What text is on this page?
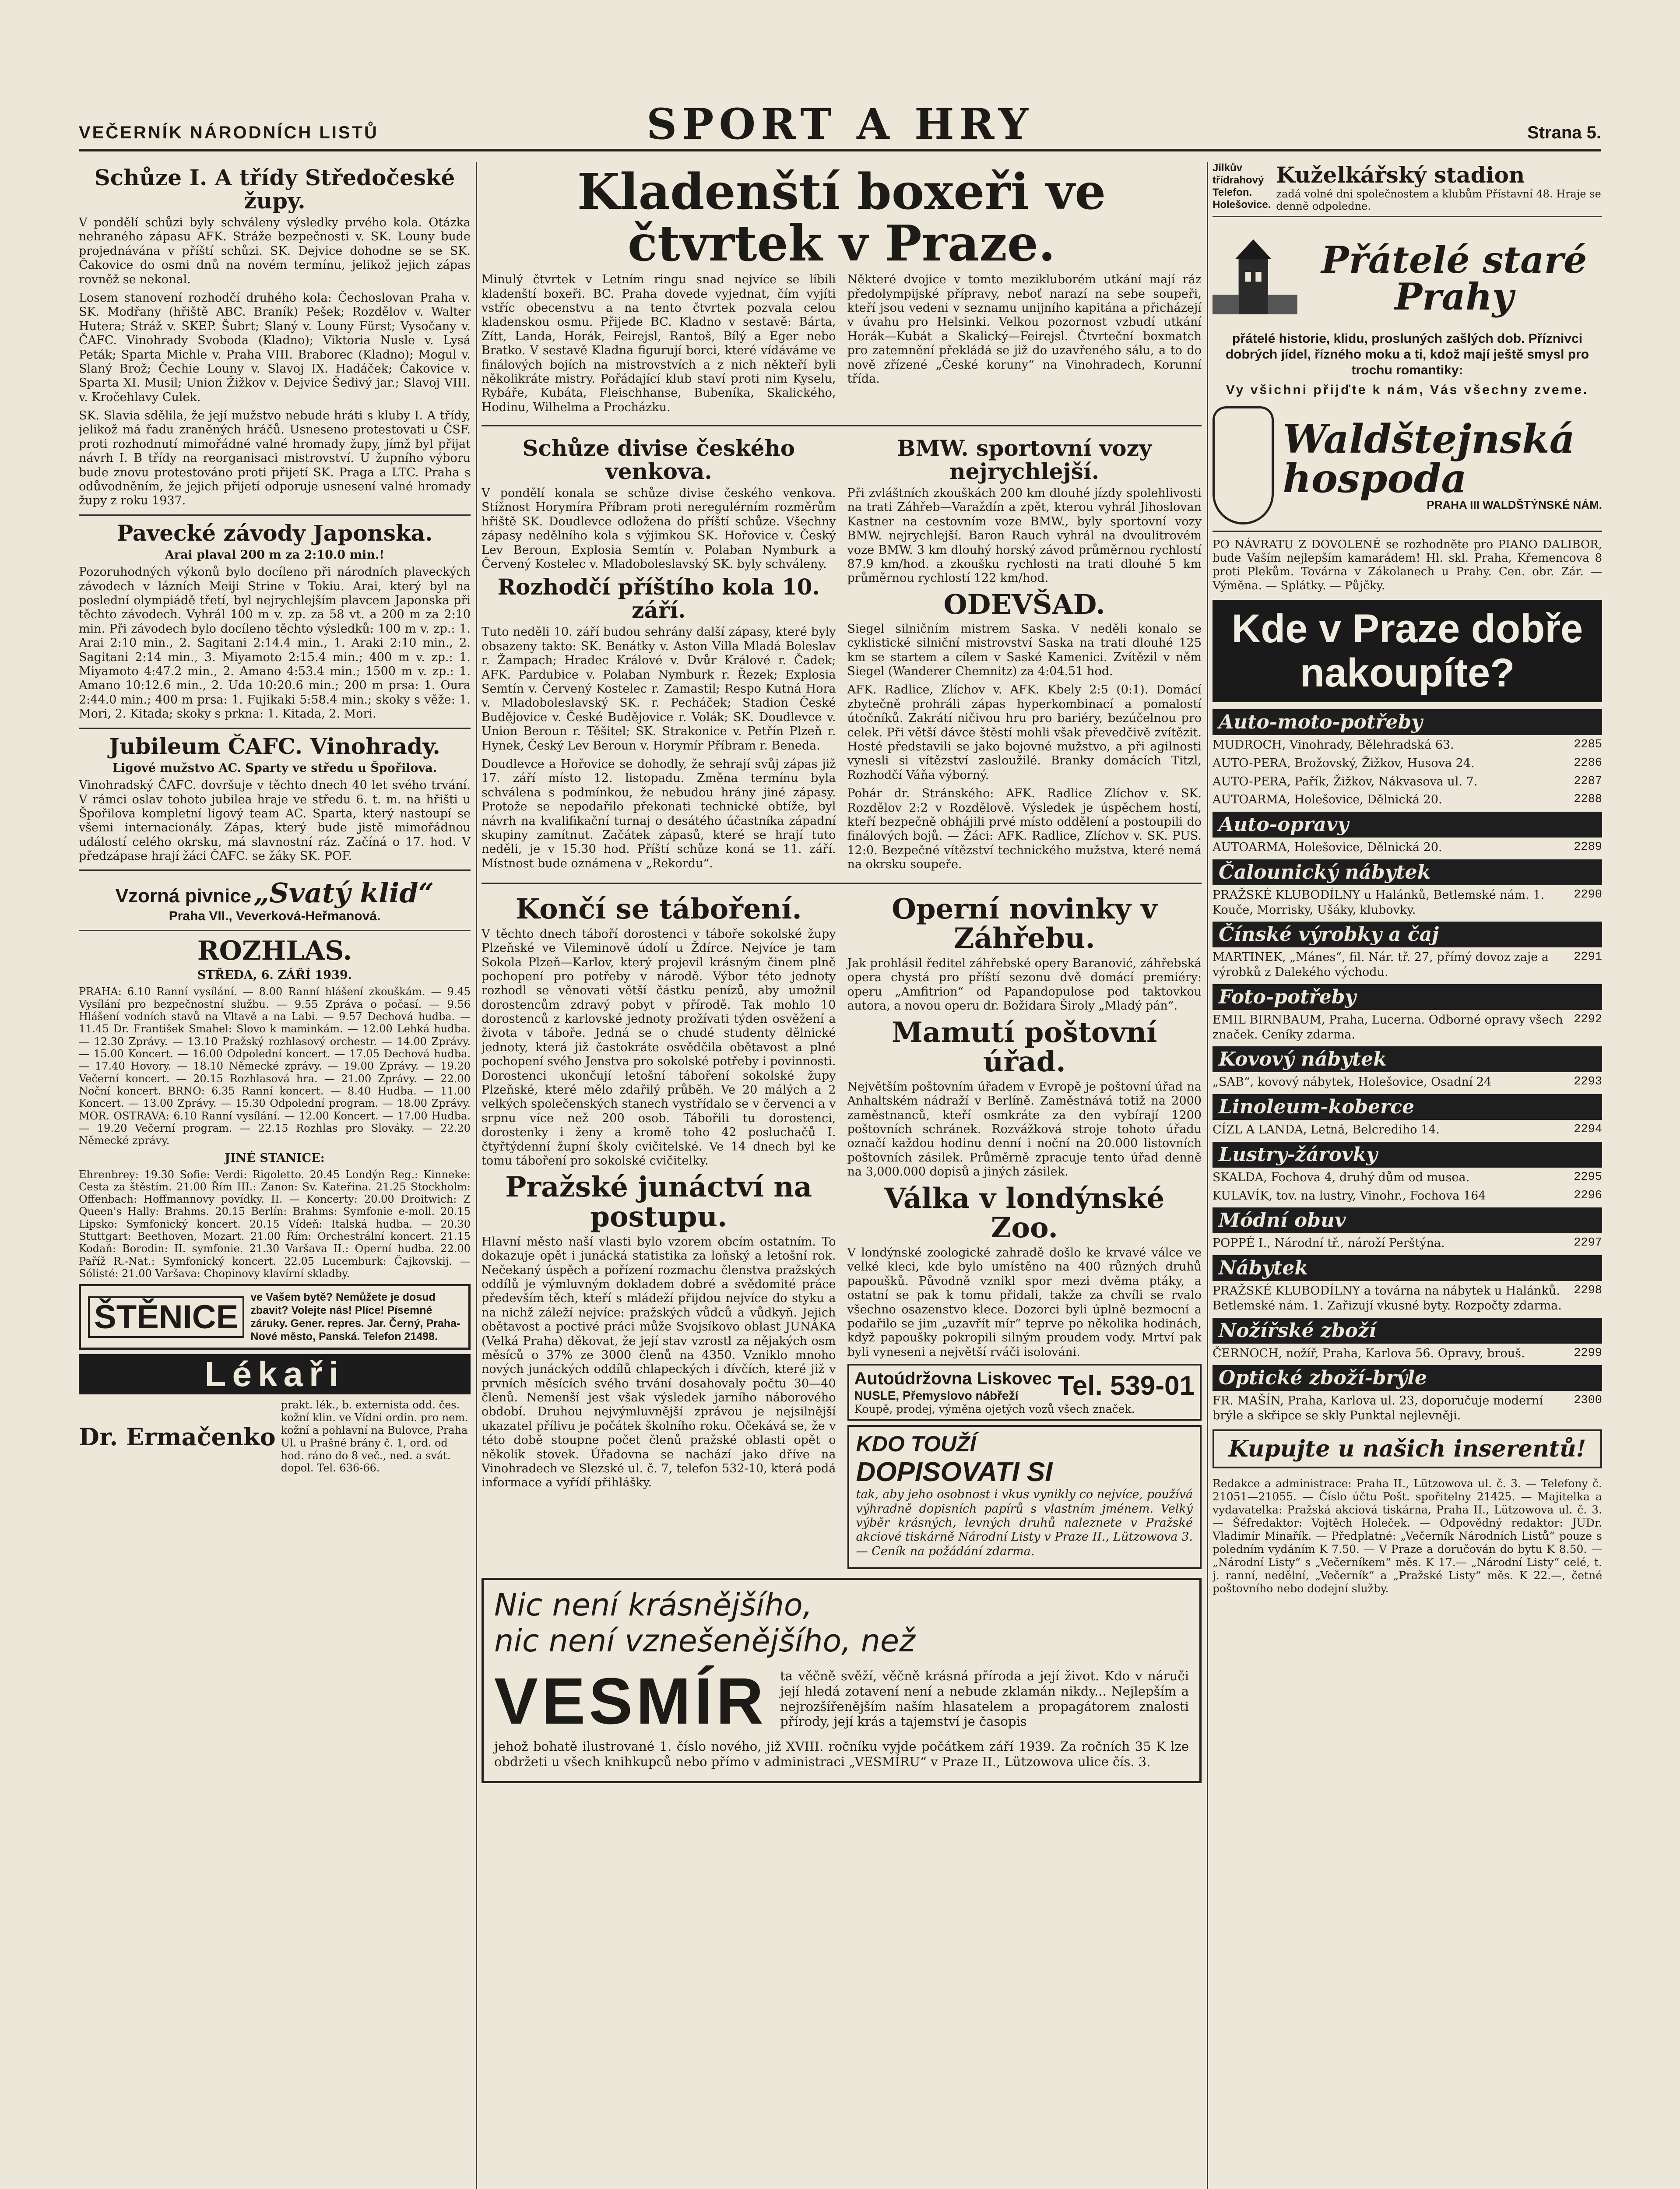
VEČERNÍK NÁRODNÍCH LISTŮ	SPORT A HRY	Strana 5.
Schůze I. A třídy Středočeské župy.

V pondělí schůzi byly schváleny výsledky prvého kola. Otázka nehraného zápasu AFK. Stráže bezpečnosti v. SK. Louny bude projednávána v příští schůzi. SK. Dejvice dohodne se se SK. Čakovice do osmi dnů na novém termínu, jelikož jejich zápas rovněž se nekonal.

Losem stanovení rozhodčí druhého kola: Čechoslovan Praha v. SK. Modřany (hřiště ABC. Braník) Pešek; Rozdělov v. Walter Hutera; Stráž v. SKEP. Šubrt; Slaný v. Louny Fürst; Vysočany v. ČAFC. Vinohrady Svoboda (Kladno); Viktoria Nusle v. Lysá Peták; Sparta Michle v. Praha VIII. Braborec (Kladno); Mogul v. Slaný Brož; Čechie Louny v. Slavoj IX. Hadáček; Čakovice v. Sparta XI. Musil; Union Žižkov v. Dejvice Šedivý jar.; Slavoj VIII. v. Kročehlavy Culek.

SK. Slavia sdělila, že její mužstvo nebude hráti s kluby I. A třídy, jelikož má řadu zraněných hráčů. Usneseno protestovati u ČSF. proti rozhodnutí mimořádné valné hromady župy, jímž byl přijat návrh I. B třídy na reorganisaci mistrovství. U župního výboru bude znovu protestováno proti přijetí SK. Praga a LTC. Praha s odůvodněním, že jejich přijetí odporuje usnesení valné hromady župy z roku 1937.

Pavecké závody Japonska.
Arai plaval 200 m za 2:10.0 min.!

Pozoruhodných výkonů bylo docíleno při národních plaveckých závodech v lázních Meiji Strine v Tokiu. Arai, který byl na poslední olympiádě třetí, byl nejrychlejším plavcem Japonska při těchto závodech. Vyhrál 100 m v. zp. za 58 vt. a 200 m za 2:10 min. Při závodech bylo docíleno těchto výsledků: 100 m v. zp.: 1. Arai 2:10 min., 2. Sagitani 2:14.4 min., 1. Araki 2:10 min., 2. Sagitani 2:14 min., 3. Miyamoto 2:15.4 min.; 400 m v. zp.: 1. Miyamoto 4:47.2 min., 2. Amano 4:53.4 min.; 1500 m v. zp.: 1. Amano 10:12.6 min., 2. Uda 10:20.6 min.; 200 m prsa: 1. Oura 2:44.0 min.; 400 m prsa: 1. Fujikaki 5:58.4 min.; skoky s věže: 1. Mori, 2. Kitada; skoky s prkna: 1. Kitada, 2. Mori.

Jubileum ČAFC. Vinohrady.
Ligové mužstvo AC. Sparty ve středu u Špořilova.

Vinohradský ČAFC. dovršuje v těchto dnech 40 let svého trvání. V rámci oslav tohoto jubilea hraje ve středu 6. t. m. na hřišti u Špořilova kompletní ligový team AC. Sparta, který nastoupí se všemi internacionály. Zápas, který bude jistě mimořádnou událostí celého okrsku, má slavnostní ráz. Začíná o 17. hod. V předzápase hrají žáci ČAFC. se žáky SK. POF.

Vzorná pivnice „Svatý klid“
Praha VII., Veverková-Heřmanová.
ROZHLAS.
STŘEDA, 6. ZÁŘÍ 1939.

PRAHA: 6.10 Ranní vysílání. — 8.00 Ranní hlášení zkouškám. — 9.45 Vysílání pro bezpečnostní službu. — 9.55 Zpráva o počasí. — 9.56 Hlášení vodních stavů na Vltavě a na Labi. — 9.57 Dechová hudba. — 11.45 Dr. František Smahel: Slovo k maminkám. — 12.00 Lehká hudba. — 12.30 Zprávy. — 13.10 Pražský rozhlasový orchestr. — 14.00 Zprávy. — 15.00 Koncert. — 16.00 Odpolední koncert. — 17.05 Dechová hudba. — 17.40 Hovory. — 18.10 Německé zprávy. — 19.00 Zprávy. — 19.20 Večerní koncert. — 20.15 Rozhlasová hra. — 21.00 Zprávy. — 22.00 Noční koncert. BRNO: 6.35 Ranní koncert. — 8.40 Hudba. — 11.00 Koncert. — 13.00 Zprávy. — 15.30 Odpolední program. — 18.00 Zprávy. MOR. OSTRAVA: 6.10 Ranní vysílání. — 12.00 Koncert. — 17.00 Hudba. — 19.20 Večerní program. — 22.15 Rozhlas pro Slováky. — 22.20 Německé zprávy.

JINÉ STANICE:

Ehrenbrey: 19.30 Sofie: Verdi: Rigoletto. 20.45 Londýn Reg.: Kinneke: Cesta za štěstím. 21.00 Řím III.: Zanon: Sv. Kateřina. 21.25 Stockholm: Offenbach: Hoffmannovy povídky. II. — Koncerty: 20.00 Droitwich: Z Queen's Hally: Brahms. 20.15 Berlín: Brahms: Symfonie e-moll. 20.15 Lipsko: Symfonický koncert. 20.15 Vídeň: Italská hudba. — 20.30 Stuttgart: Beethoven, Mozart. 21.00 Řím: Orchestrální koncert. 21.15 Kodaň: Borodin: II. symfonie. 21.30 Varšava II.: Operní hudba. 22.00 Paříž R.-Nat.: Symfonický koncert. 22.05 Lucemburk: Čajkovskij. — Sólisté: 21.00 Varšava: Chopinovy klavírní skladby.

ŠTĚNICE
ve Vašem bytě? Nemůžete je dosud zbavit? Volejte nás! Plíce! Písemné záruky. Gener. repres. Jar. Černý, Praha-Nové město, Panská. Telefon 21498.
Lékaři
Dr. Ermačenko
prakt. lék., b. externista odd. čes. kožní klin. ve Vídni ordin. pro nem. kožní a pohlavní na Bulovce, Praha Ul. u Prašné brány č. 1, ord. od hod. ráno do 8 več., ned. a svát. dopol. Tel. 636-66.
Kladenští boxeři ve čtvrtek v Praze.

Minulý čtvrtek v Letním ringu snad nejvíce se líbili kladenští boxeři. BC. Praha dovede vyjednat, čím vyjíti vstříc obecenstvu a na tento čtvrtek pozvala celou kladenskou osmu. Přijede BC. Kladno v sestavě: Bárta, Zítt, Landa, Horák, Feirejsl, Rantoš, Bílý a Eger nebo Bratko. V sestavě Kladna figurují borci, které vídáváme ve finálových bojích na mistrovstvích a z nich někteří byli několikráte mistry. Pořádající klub staví proti nim Kyselu, Rybáře, Kubáta, Fleischhanse, Bubeníka, Skalického, Hodinu, Wilhelma a Procházku.

Některé dvojice v tomto mezikluborém utkání mají ráz předolympijské přípravy, neboť narazí na sebe soupeři, kteří jsou vedeni v seznamu unijního kapitána a přicházejí v úvahu pro Helsinki. Velkou pozornost vzbudí utkání Horák—Kubát a Skalický—Feirejsl. Čtvrteční boxmatch pro zatemnění překládá se již do uzavřeného sálu, a to do nově zřízené „České koruny“ na Vinohradech, Korunní třída.

Schůze divise českého venkova.

V pondělí konala se schůze divise českého venkova. Stížnost Horymíra Příbram proti neregulérním rozměrům hřiště SK. Doudlevce odložena do příští schůze. Všechny zápasy nedělního kola s výjimkou SK. Hořovice v. Český Lev Beroun, Explosia Semtín v. Polaban Nymburk a Červený Kostelec v. Mladoboleslavský SK. byly schváleny.

Rozhodčí příštího kola 10. září.

Tuto neděli 10. září budou sehrány další zápasy, které byly obsazeny takto: SK. Benátky v. Aston Villa Mladá Boleslav r. Žampach; Hradec Králové v. Dvůr Králové r. Čadek; AFK. Pardubice v. Polaban Nymburk r. Řezek; Explosia Semtín v. Červený Kostelec r. Zamastil; Respo Kutná Hora v. Mladoboleslavský SK. r. Pecháček; Stadion České Budějovice v. České Budějovice r. Volák; SK. Doudlevce v. Union Beroun r. Těšitel; SK. Strakonice v. Petřín Plzeň r. Hynek, Český Lev Beroun v. Horymír Příbram r. Beneda.

Doudlevce a Hořovice se dohodly, že sehrají svůj zápas již 17. září místo 12. listopadu. Změna termínu byla schválena s podmínkou, že nebudou hrány jiné zápasy. Protože se nepodařilo překonati technické obtíže, byl návrh na kvalifikační turnaj o desátého účastníka západní skupiny zamítnut. Začátek zápasů, které se hrají tuto neděli, je v 15.30 hod. Příští schůze koná se 11. září. Místnost bude oznámena v „Rekordu“.

BMW. sportovní vozy nejrychlejší.

Při zvláštních zkouškách 200 km dlouhé jízdy spolehlivosti na trati Záhřeb—Varaždín a zpět, kterou vyhrál Jihoslovan Kastner na cestovním voze BMW., byly sportovní vozy BMW. nejrychlejší. Baron Rauch vyhrál na dvoulitrovém voze BMW. 3 km dlouhý horský závod průměrnou rychlostí 87.9 km/hod. a zkoušku rychlosti na trati dlouhé 5 km průměrnou rychlostí 122 km/hod.

ODEVŠAD.

Siegel silničním mistrem Saska. V neděli konalo se cyklistické silniční mistrovství Saska na trati dlouhé 125 km se startem a cílem v Saské Kamenici. Zvítězil v něm Siegel (Wanderer Chemnitz) za 4:04.51 hod.

AFK. Radlice, Zlíchov v. AFK. Kbely 2:5 (0:1). Domácí zbytečně prohráli zápas hyperkombinací a pomalostí útočníků. Zakrátí ničivou hru pro bariéry, bezúčelnou pro celek. Při větší dávce štěstí mohli však převedčivě zvítězit. Hosté představili se jako bojovné mužstvo, a při agilnosti vynesli si vítězství zasloužilé. Branky domácích Titzl, Rozhodčí Váňa výborný.

Pohár dr. Stránského: AFK. Radlice Zlíchov v. SK. Rozdělov 2:2 v Rozdělově. Výsledek je úspěchem hostí, kteří bezpečně obhájili prvé místo oddělení a postoupili do finálových bojů. — Žáci: AFK. Radlice, Zlíchov v. SK. PUS. 12:0. Bezpečné vítězství technického mužstva, které nemá na okrsku soupeře.

Končí se táboření.

V těchto dnech táboří dorostenci v táboře sokolské župy Plzeňské ve Vileminově údolí u Ždírce. Nejvíce je tam Sokola Plzeň—Karlov, který projevil krásným činem plně pochopení pro potřeby v národě. Výbor této jednoty rozhodl se věnovati větší částku penízů, aby umožnil dorostencům zdravý pobyt v přírodě. Tak mohlo 10 dorostenců z karlovské jednoty prožívati týden osvěžení a života v táboře. Jedná se o chudé studenty dělnické jednoty, která již častokráte osvědčila obětavost a plné pochopení svého Jenstva pro sokolské potřeby i povinnosti. Dorostenci ukončují letošní táboření sokolské župy Plzeňské, které mělo zdařilý průběh. Ve 20 málých a 2 velkých společenských stanech vystřídalo se v červenci a v srpnu více než 200 osob. Tábořili tu dorostenci, dorostenky i ženy a kromě toho 42 posluchačů I. čtyřtýdenní župní školy cvičitelské. Ve 14 dnech byl ke tomu táboření pro sokolské cvičitelky.

Pražské junáctví na postupu.

Hlavní město naší vlasti bylo vzorem obcím ostatním. To dokazuje opět i junácká statistika za loňský a letošní rok. Nečekaný úspěch a pořízení rozmachu členstva pražských oddílů je výmluvným dokladem dobré a svědomité práce především těch, kteří s mládeží přijdou nejvíce do styku a na nichž záleží nejvíce: pražských vůdců a vůdkyň. Jejich obětavost a poctivé práci může Svojsíkovo oblast JUNÁKA (Velká Praha) děkovat, že její stav vzrostl za nějakých osm měsíců o 37% ze 3000 členů na 4350. Vzniklo mnoho nových junáckých oddílů chlapeckých i dívčích, které již v prvních měsících svého trvání dosahovaly počtu 30—40 členů. Nemenší jest však výsledek jarního náborového období. Druhou nejvýmluvnější zprávou je nejsilnější ukazatel přílivu je počátek školního roku. Očekává se, že v této době stoupne počet členů pražské oblasti opět o několik stovek. Úřadovna se nachází jako dříve na Vinohradech ve Slezské ul. č. 7, telefon 532-10, která podá informace a vyřídí přihlášky.

Operní novinky v Záhřebu.

Jak prohlásil ředitel záhřebské opery Baranović, záhřebská opera chystá pro příští sezonu dvě domácí premiéry: operu „Amfitrion“ od Papandopulose pod taktovkou autora, a novou operu dr. Božidara Široly „Mladý pán“.

Mamutí poštovní úřad.

Největším poštovním úřadem v Evropě je poštovní úřad na Anhaltském nádraží v Berlíně. Zaměstnává totiž na 2000 zaměstnanců, kteří osmkráte za den vybírají 1200 poštovních schránek. Rozvážková stroje tohoto úřadu označí každou hodinu denní i noční na 20.000 listovních poštovních zásilek. Průměrně zpracuje tento úřad denně na 3,000.000 dopisů a jiných zásilek.

Válka v londýnské Zoo.

V londýnské zoologické zahradě došlo ke krvavé válce ve velké kleci, kde bylo umístěno na 400 různých druhů papoušků. Původně vznikl spor mezi dvěma ptáky, a ostatní se pak k tomu přidali, takže za chvíli se rvalo všechno osazenstvo klece. Dozorci byli úplně bezmocní a podařilo se jim „uzavřít mír“ teprve po několika hodinách, když papoušky pokropili silným proudem vody. Mrtví pak byli vyneseni a největší rváči isolováni.

Autoúdržovna Liskovec
NUSLE, Přemyslovo nábřeží	Tel. 539-01
Koupě, prodej, výměna ojetých vozů všech značek.
KDO TOUŽÍ
DOPISOVATI SI

tak, aby jeho osobnost i vkus vynikly co nejvíce, používá výhradně dopisních papírů s vlastním jménem. Velký výběr krásných, levných druhů naleznete v Pražské akciové tiskárně Národní Listy v Praze II., Lützowova 3. — Ceník na požádání zdarma.

Nic není krásnějšího,
nic není vznešenějšího, než
VESMÍR ta věčně svěží, věčně krásná příroda a její život. Kdo v náruči její hledá zotavení není a nebude zklamán nikdy... Nejlepším a nejrozšířenějším naším hlasatelem a propagátorem znalosti přírody, její krás a tajemství je časopis

jehož bohatě ilustrované 1. číslo nového, již XVIII. ročníku vyjde počátkem září 1939. Za ročních 35 K lze obdržeti u všech knihkupců nebo přímo v administraci „VESMÍRU“ v Praze II., Lützowova ulice čís. 3.

Jilkův třídrahový Telefon. Holešovice.
Kuželkářský stadion
zadá volné dni společnostem a klubům Přístavní 48. Hraje se denně odpoledne.
Přátelé staré Prahy

přátelé historie, klidu, prosluných zašlých dob. Příznivci dobrých jídel, řízného moku a ti, kdož mají ještě smysl pro trochu romantiky:

Vy všichni přijďte k nám, Vás všechny zveme.
Waldštejnská hospoda
PRAHA III WALDŠTÝNSKÉ NÁM.

PO NÁVRATU Z DOVOLENÉ se rozhodněte pro PIANO DALIBOR, bude Vaším nejlepším kamarádem! Hl. skl. Praha, Křemencova 8 proti Plekům. Továrna v Zákolanech u Prahy. Cen. obr. Zár. — Výměna. — Splátky. — Půjčky.

Kde v Praze dobře nakoupíte?
Auto-moto-potřeby
MUDROCH, Vinohrady, Bělehradská 63.	2285
AUTO-PERA, Brožovský, Žižkov, Husova 24.	2286
AUTO-PERA, Pařík, Žižkov, Nákvasova ul. 7.	2287
AUTOARMA, Holešovice, Dělnická 20.	2288
Auto-opravy
AUTOARMA, Holešovice, Dělnická 20.	2289
Čalounický nábytek
PRAŽSKÉ KLUBODÍLNY u Halánků, Betlemské nám. 1. Kouče, Morrisky, Ušáky, klubovky.
2290
Čínské výrobky a čaj
MARTINEK, „Mánes“, fil. Nár. tř. 27, přímý dovoz zaje a výrobků z Dalekého východu.
2291
Foto-potřeby
EMIL BIRNBAUM, Praha, Lucerna. Odborné opravy všech značek. Ceníky zdarma.
2292
Kovový nábytek
„SAB“, kovový nábytek, Holešovice, Osadní 24	2293
Linoleum-koberce
CÍZL A LANDA, Letná, Belcrediho 14.	2294
Lustry-žárovky
SKALDA, Fochova 4, druhý dům od musea.	2295
KULAVÍK, tov. na lustry, Vinohr., Fochova 164	2296
Módní obuv
POPPÉ I., Národní tř., nároží Perštýna.	2297
Nábytek
PRAŽSKÉ KLUBODÍLNY a továrna na nábytek u Halánků. Betlemské nám. 1. Zařizují vkusné byty. Rozpočty zdarma.
2298
Nožířské zboží
ČERNOCH, nožíř, Praha, Karlova 56. Opravy, brouš.	2299
Optické zboží-brýle
FR. MAŠÍN, Praha, Karlova ul. 23, doporučuje moderní brýle a skřipce se skly Punktal nejlevněji.
2300
Kupujte u našich inserentů!

Redakce a administrace: Praha II., Lützowova ul. č. 3. — Telefony č. 21051—21055. — Číslo účtu Pošt. spořitelny 21425. — Majitelka a vydavatelka: Pražská akciová tiskárna, Praha II., Lützowova ul. č. 3. — Šéfredaktor: Vojtěch Holeček. — Odpovědný redaktor: JUDr. Vladimír Minařík. — Předplatné: „Večerník Národních Listů“ pouze s poledním vydáním K 7.50. — V Praze a doručován do bytu K 8.50. — „Národní Listy“ s „Večerníkem“ měs. K 17.— „Národní Listy“ celé, t. j. ranní, nedělní, „Večerník“ a „Pražské Listy“ měs. K 22.—, četné poštovního nebo dodejní služby.
